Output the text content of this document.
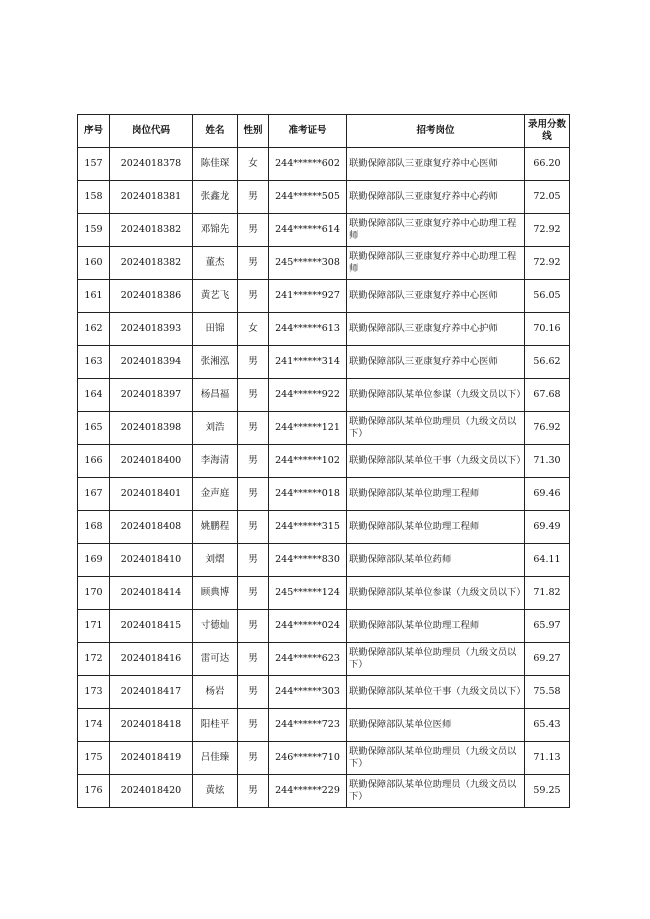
序号	岗位代码	姓名	性别	准考证号	招考岗位	录用分数线
157	2024018378	陈佳琛	女	244******602	联勤保障部队三亚康复疗养中心医师	66.20
158	2024018381	张鑫龙	男	244******505	联勤保障部队三亚康复疗养中心药师	72.05
159	2024018382	邓锦先	男	244******614	联勤保障部队三亚康复疗养中心助理工程师	72.92
160	2024018382	董杰	男	245******308	联勤保障部队三亚康复疗养中心助理工程师	72.92
161	2024018386	黄艺飞	男	241******927	联勤保障部队三亚康复疗养中心医师	56.05
162	2024018393	田锦	女	244******613	联勤保障部队三亚康复疗养中心护师	70.16
163	2024018394	张湘泓	男	241******314	联勤保障部队三亚康复疗养中心医师	56.62
164	2024018397	杨昌福	男	244******922	联勤保障部队某单位参谋（九级文员以下）	67.68
165	2024018398	刘浩	男	244******121	联勤保障部队某单位助理员（九级文员以下）	76.92
166	2024018400	李海清	男	244******102	联勤保障部队某单位干事（九级文员以下）	71.30
167	2024018401	金声庭	男	244******018	联勤保障部队某单位助理工程师	69.46
168	2024018408	姚鹏程	男	244******315	联勤保障部队某单位助理工程师	69.49
169	2024018410	刘熠	男	244******830	联勤保障部队某单位药师	64.11
170	2024018414	顾典博	男	245******124	联勤保障部队某单位参谋（九级文员以下）	71.82
171	2024018415	寸德灿	男	244******024	联勤保障部队某单位助理工程师	65.97
172	2024018416	雷可达	男	244******623	联勤保障部队某单位助理员（九级文员以下）	69.27
173	2024018417	杨岩	男	244******303	联勤保障部队某单位干事（九级文员以下）	75.58
174	2024018418	阳桂平	男	244******723	联勤保障部队某单位医师	65.43
175	2024018419	吕佳臻	男	246******710	联勤保障部队某单位助理员（九级文员以下）	71.13
176	2024018420	黄炫	男	244******229	联勤保障部队某单位助理员（九级文员以下）	59.25
